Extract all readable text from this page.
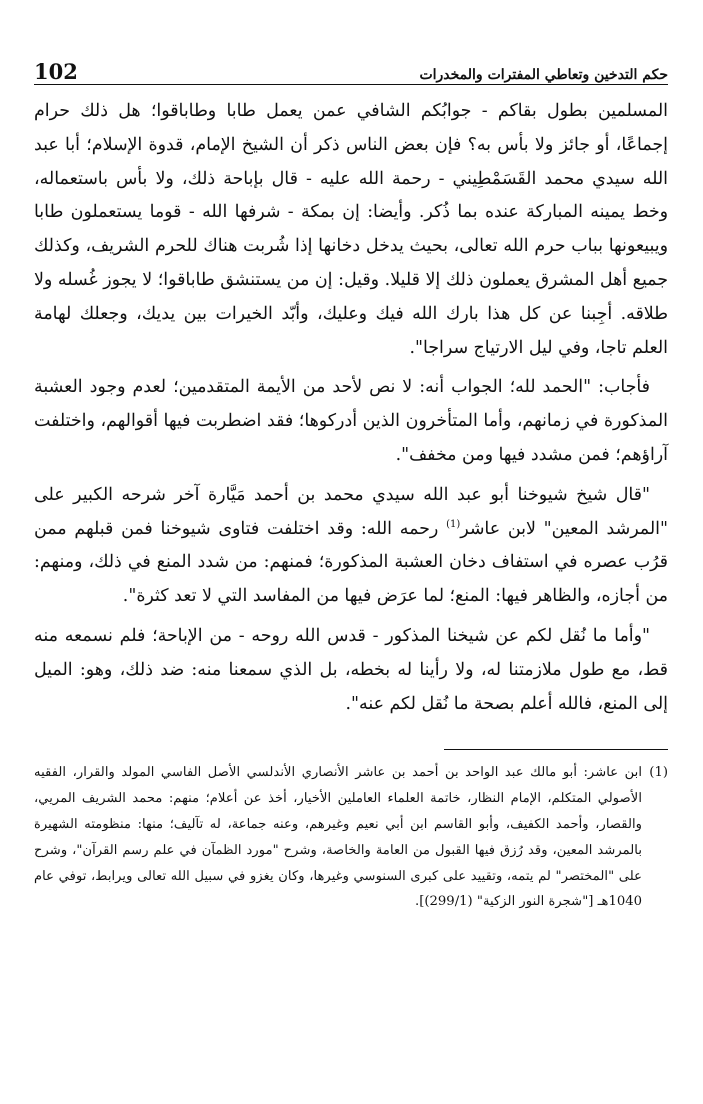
102	حكم التدخين وتعاطي المفترات والمخدرات

المسلمين بطول بقاكم - جوابُكم الشافي عمن يعمل طابا وطاباقوا؛ هل ذلك حرام إجماعًا، أو جائز ولا بأس به؟ فإن بعض الناس ذكر أن الشيخ الإمام، قدوة الإسلام؛ أبا عبد الله سيدي محمد القَسَمْطِيني - رحمة الله عليه - قال بإباحة ذلك، ولا بأس باستعماله، وخط يمينه المباركة عنده بما ذُكر. وأيضا: إن بمكة - شرفها الله - قوما يستعملون طابا ويبيعونها بباب حرم الله تعالى، بحيث يدخل دخانها إذا شُربت هناك للحرم الشريف، وكذلك جميع أهل المشرق يعملون ذلك إلا قليلا. وقيل: إن من يستنشق طاباقوا؛ لا يجوز غُسله ولا طلاقه. أجِبنا عن كل هذا بارك الله فيك وعليك، وأبّد الخيرات بين يديك، وجعلك لهامة العلم تاجا، وفي ليل الارتياج سراجا".

فأجاب: "الحمد لله؛ الجواب أنه: لا نص لأحد من الأيمة المتقدمين؛ لعدم وجود العشبة المذكورة في زمانهم، وأما المتأخرون الذين أدركوها؛ فقد اضطربت فيها أقوالهم، واختلفت آراؤهم؛ فمن مشدد فيها ومن مخفف".

"قال شيخ شيوخنا أبو عبد الله سيدي محمد بن أحمد مَيَّارة آخر شرحه الكبير على "المرشد المعين" لابن عاشر$^{(1)}$ رحمه الله: وقد اختلفت فتاوى شيوخنا فمن قبلهم ممن قرُب عصره في استفاف دخان العشبة المذكورة؛ فمنهم: من شدد المنع في ذلك، ومنهم: من أجازه، والظاهر فيها: المنع؛ لما عرَض فيها من المفاسد التي لا تعد كثرة".

"وأما ما نُقل لكم عن شيخنا المذكور - قدس الله روحه - من الإباحة؛ فلم نسمعه منه قط، مع طول ملازمتنا له، ولا رأينا له بخطه، بل الذي سمعنا منه: ضد ذلك، وهو: الميل إلى المنع، فالله أعلم بصحة ما نُقل لكم عنه".

(1)
ابن عاشر: أبو مالك عبد الواحد بن أحمد بن عاشر الأنصاري الأندلسي الأصل الفاسي المولد والقرار، الفقيه الأصولي المتكلم، الإمام النظار، خاتمة العلماء العاملين الأخيار، أخذ عن أعلام؛ منهم: محمد الشريف المريي، والقصار، وأحمد الكفيف، وأبو القاسم ابن أبي نعيم وغيرهم، وعنه جماعة، له تآليف؛ منها: منظومته الشهيرة بالمرشد المعين، وقد رُزق فيها القبول من العامة والخاصة، وشرح "مورد الظمآن في علم رسم القرآن"، وشرح على "المختصر" لم يتمه، وتقييد على كبرى السنوسي وغيرها، وكان يغزو في سبيل الله تعالى ويرابط، توفي عام 1040هـ ["شجرة النور الزكية" (299/1)].
